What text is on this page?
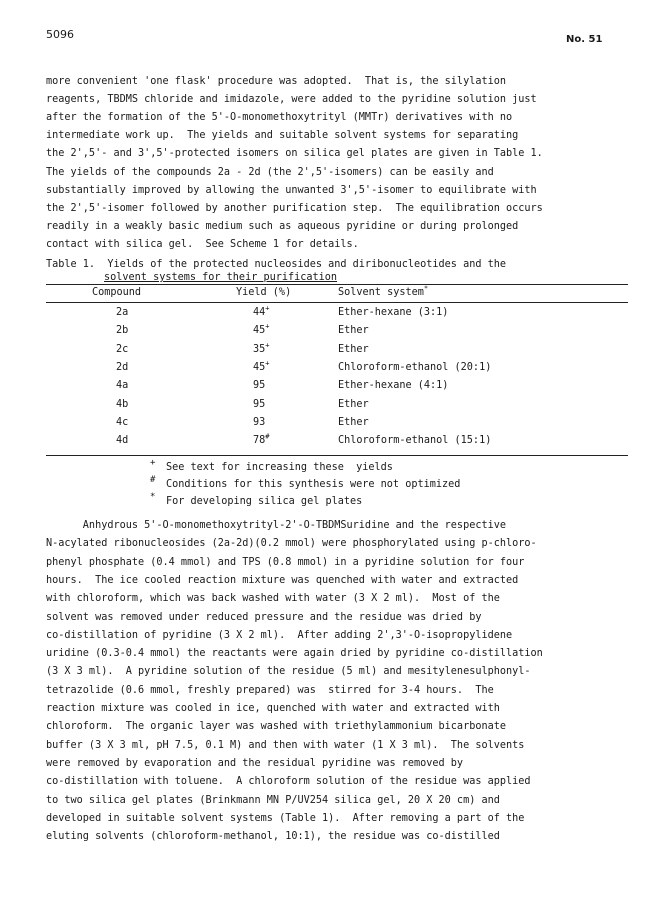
5096	No. 51
more convenient 'one flask' procedure was adopted.  That is, the silylation
reagents, TBDMS chloride and imidazole, were added to the pyridine solution just
after the formation of the 5'-O-monomethoxytrityl (MMTr) derivatives with no
intermediate work up.  The yields and suitable solvent systems for separating
the 2',5'- and 3',5'-protected isomers on silica gel plates are given in Table 1.
The yields of the compounds 2a - 2d (the 2',5'-isomers) can be easily and
substantially improved by allowing the unwanted 3',5'-isomer to equilibrate with
the 2',5'-isomer followed by another purification step.  The equilibration occurs
readily in a weakly basic medium such as aqueous pyridine or during prolonged
contact with silica gel.  See Scheme 1 for details.
Table 1.  Yields of the protected nucleosides and diribonucleotides and the
solvent systems for their purification
Compound	Yield (%)	Solvent system*
2a	44+	Ether-hexane (3:1)
2b	45+	Ether
2c	35+	Ether
2d	45+	Chloroform-ethanol (20:1)
4a	95	Ether-hexane (4:1)
4b	95	Ether
4c	93	Ether
4d	78#	Chloroform-ethanol (15:1)
+ See text for increasing these  yields
# Conditions for this synthesis were not optimized
* For developing silica gel plates
Anhydrous 5'-O-monomethoxytrityl-2'-O-TBDMSuridine and the respective
N-acylated ribonucleosides (2a-2d)(0.2 mmol) were phosphorylated using p-chloro-
phenyl phosphate (0.4 mmol) and TPS (0.8 mmol) in a pyridine solution for four
hours.  The ice cooled reaction mixture was quenched with water and extracted
with chloroform, which was back washed with water (3 X 2 ml).  Most of the
solvent was removed under reduced pressure and the residue was dried by
co-distillation of pyridine (3 X 2 ml).  After adding 2',3'-O-isopropylidene
uridine (0.3-0.4 mmol) the reactants were again dried by pyridine co-distillation
(3 X 3 ml).  A pyridine solution of the residue (5 ml) and mesitylenesulphonyl-
tetrazolide (0.6 mmol, freshly prepared) was  stirred for 3-4 hours.  The
reaction mixture was cooled in ice, quenched with water and extracted with
chloroform.  The organic layer was washed with triethylammonium bicarbonate
buffer (3 X 3 ml, pH 7.5, 0.1 M) and then with water (1 X 3 ml).  The solvents
were removed by evaporation and the residual pyridine was removed by
co-distillation with toluene.  A chloroform solution of the residue was applied
to two silica gel plates (Brinkmann MN P/UV254 silica gel, 20 X 20 cm) and
developed in suitable solvent systems (Table 1).  After removing a part of the
eluting solvents (chloroform-methanol, 10:1), the residue was co-distilled
